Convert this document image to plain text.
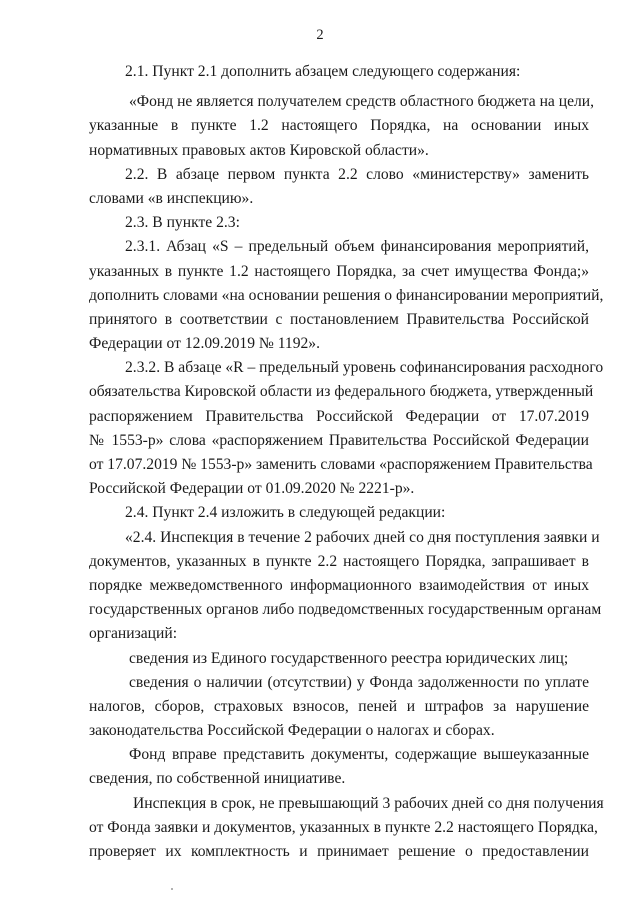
2
2.1. Пункт 2.1 дополнить абзацем следующего содержания:
«Фонд не является получателем средств областного бюджета на цели,
указанные в пункте 1.2 настоящего Порядка, на основании иных
нормативных правовых актов Кировской области».
2.2. В абзаце первом пункта 2.2 слово «министерству» заменить
словами «в инспекцию».
2.3. В пункте 2.3:
2.3.1. Абзац «S – предельный объем финансирования мероприятий,
указанных в пункте 1.2 настоящего Порядка, за счет имущества Фонда;»
дополнить словами «на основании решения о финансировании мероприятий,
принятого в соответствии с постановлением Правительства Российской
Федерации от 12.09.2019 № 1192».
2.3.2. В абзаце «R – предельный уровень софинансирования расходного
обязательства Кировской области из федерального бюджета, утвержденный
распоряжением Правительства Российской Федерации от 17.07.2019
№ 1553-р» слова «распоряжением Правительства Российской Федерации
от 17.07.2019 № 1553-р» заменить словами «распоряжением Правительства
Российской Федерации от 01.09.2020 № 2221-р».
2.4. Пункт 2.4 изложить в следующей редакции:
«2.4. Инспекция в течение 2 рабочих дней со дня поступления заявки и
документов, указанных в пункте 2.2 настоящего Порядка, запрашивает в
порядке межведомственного информационного взаимодействия от иных
государственных органов либо подведомственных государственным органам
организаций:
сведения из Единого государственного реестра юридических лиц;
сведения о наличии (отсутствии) у Фонда задолженности по уплате
налогов, сборов, страховых взносов, пеней и штрафов за нарушение
законодательства Российской Федерации о налогах и сборах.
Фонд вправе представить документы, содержащие вышеуказанные
сведения, по собственной инициативе.
Инспекция в срок, не превышающий 3 рабочих дней со дня получения
от Фонда заявки и документов, указанных в пункте 2.2 настоящего Порядка,
проверяет их комплектность и принимает решение о предоставлении
